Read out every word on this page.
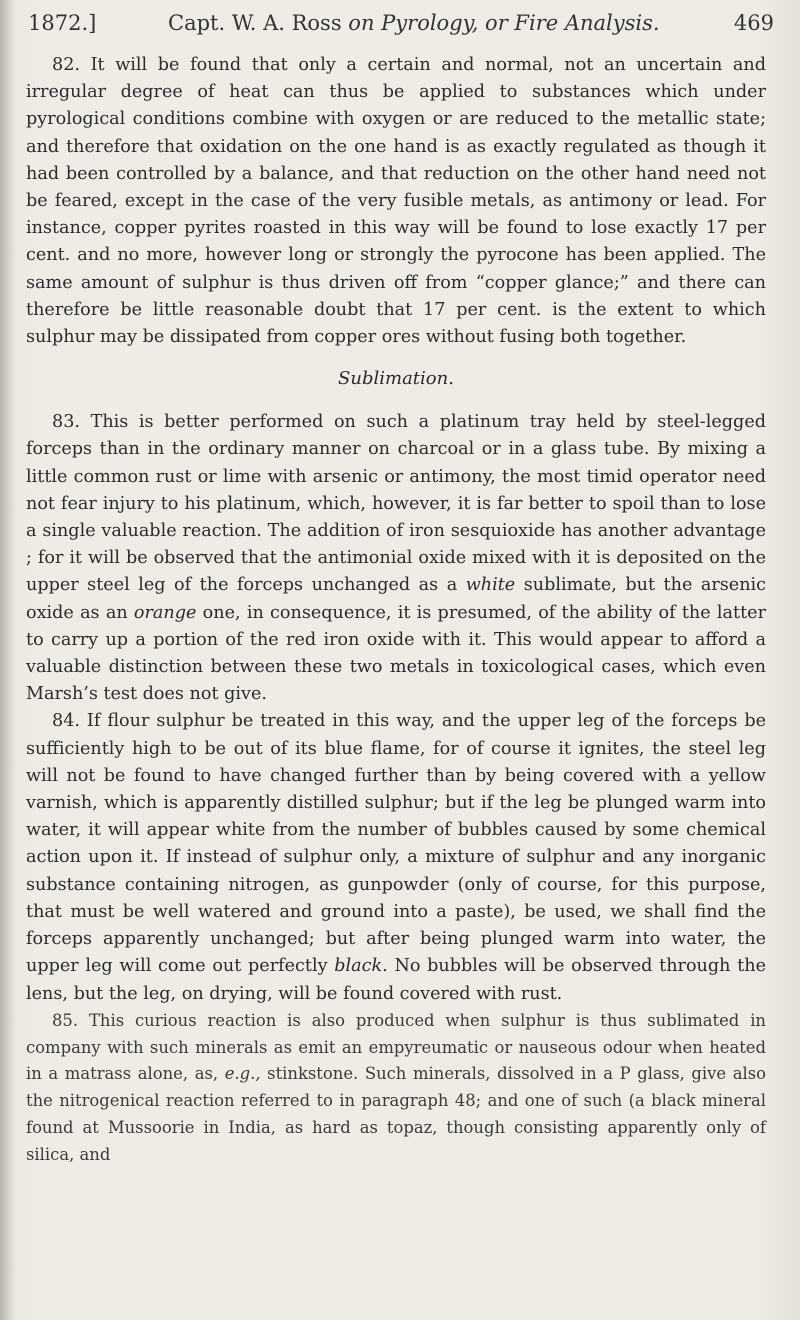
1872.]	Capt. W. A. Ross on Pyrology, or Fire Analysis.	469

82. It will be found that only a certain and normal, not an uncertain and irregular degree of heat can thus be applied to substances which under pyrological conditions combine with oxygen or are reduced to the metallic state; and therefore that oxidation on the one hand is as exactly regulated as though it had been controlled by a balance, and that reduction on the other hand need not be feared, except in the case of the very fusible metals, as antimony or lead. For instance, copper pyrites roasted in this way will be found to lose exactly 17 per cent. and no more, however long or strongly the pyrocone has been applied. The same amount of sulphur is thus driven off from “copper glance;” and there can therefore be little reasonable doubt that 17 per cent. is the extent to which sulphur may be dissipated from copper ores without fusing both together.

Sublimation.

83. This is better performed on such a platinum tray held by steel-legged forceps than in the ordinary manner on charcoal or in a glass tube. By mixing a little common rust or lime with arsenic or antimony, the most timid operator need not fear injury to his platinum, which, however, it is far better to spoil than to lose a single valuable reaction. The addition of iron sesquioxide has another advantage ; for it will be observed that the antimonial oxide mixed with it is deposited on the upper steel leg of the forceps unchanged as a white sublimate, but the arsenic oxide as an orange one, in consequence, it is presumed, of the ability of the latter to carry up a portion of the red iron oxide with it. This would appear to afford a valuable distinction between these two metals in toxicological cases, which even Marsh’s test does not give.

84. If flour sulphur be treated in this way, and the upper leg of the forceps be sufficiently high to be out of its blue flame, for of course it ignites, the steel leg will not be found to have changed further than by being covered with a yellow varnish, which is apparently distilled sulphur; but if the leg be plunged warm into water, it will appear white from the number of bubbles caused by some chemical action upon it. If instead of sulphur only, a mixture of sulphur and any inorganic substance containing nitrogen, as gunpowder (only of course, for this purpose, that must be well watered and ground into a paste), be used, we shall find the forceps apparently unchanged; but after being plunged warm into water, the upper leg will come out perfectly black. No bubbles will be observed through the lens, but the leg, on drying, will be found covered with rust.

85. This curious reaction is also produced when sulphur is thus sublimated in company with such minerals as emit an empyreumatic or nauseous odour when heated in a matrass alone, as, e.g., stinkstone. Such minerals, dissolved in a P glass, give also the nitrogenical reaction referred to in paragraph 48; and one of such (a black mineral found at Mussoorie in India, as hard as topaz, though consisting apparently only of silica, and
